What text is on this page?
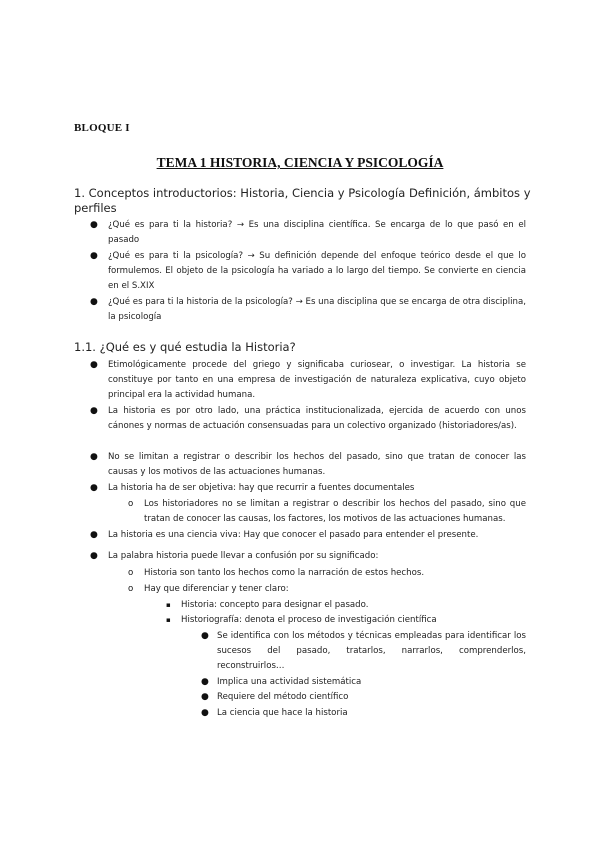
BLOQUE I
TEMA 1 HISTORIA, CIENCIA Y PSICOLOGÍA
1. Conceptos introductorios: Historia, Ciencia y Psicología Definición, ámbitos y perfiles
● ¿Qué es para ti la historia? → Es una disciplina científica. Se encarga de lo que pasó en el pasado
● ¿Qué es para ti la psicología? → Su definición depende del enfoque teórico desde el que lo formulemos. El objeto de la psicología ha variado a lo largo del tiempo. Se convierte en ciencia en el S.XIX
● ¿Qué es para ti la historia de la psicología? → Es una disciplina que se encarga de otra disciplina, la psicología
1.1. ¿Qué es y qué estudia la Historia?
● Etimológicamente procede del griego y significaba curiosear, o investigar. La historia se constituye por tanto en una empresa de investigación de naturaleza explicativa, cuyo objeto principal era la actividad humana.
● La historia es por otro lado, una práctica institucionalizada, ejercida de acuerdo con unos cánones y normas de actuación consensuadas para un colectivo organizado (historiadores/as).
● No se limitan a registrar o describir los hechos del pasado, sino que tratan de conocer las causas y los motivos de las actuaciones humanas.
● La historia ha de ser objetiva: hay que recurrir a fuentes documentales
o Los historiadores no se limitan a registrar o describir los hechos del pasado, sino que tratan de conocer las causas, los factores, los motivos de las actuaciones humanas.
● La historia es una ciencia viva: Hay que conocer el pasado para entender el presente.
● La palabra historia puede llevar a confusión por su significado:
o Historia son tanto los hechos como la narración de estos hechos.
o Hay que diferenciar y tener claro:
▪ Historia: concepto para designar el pasado.
▪ Historiografía: denota el proceso de investigación científica
● Se identifica con los métodos y técnicas empleadas para identificar los sucesos del pasado, tratarlos, narrarlos, comprenderlos, reconstruirlos…
● Implica una actividad sistemática
● Requiere del método científico
● La ciencia que hace la historia
